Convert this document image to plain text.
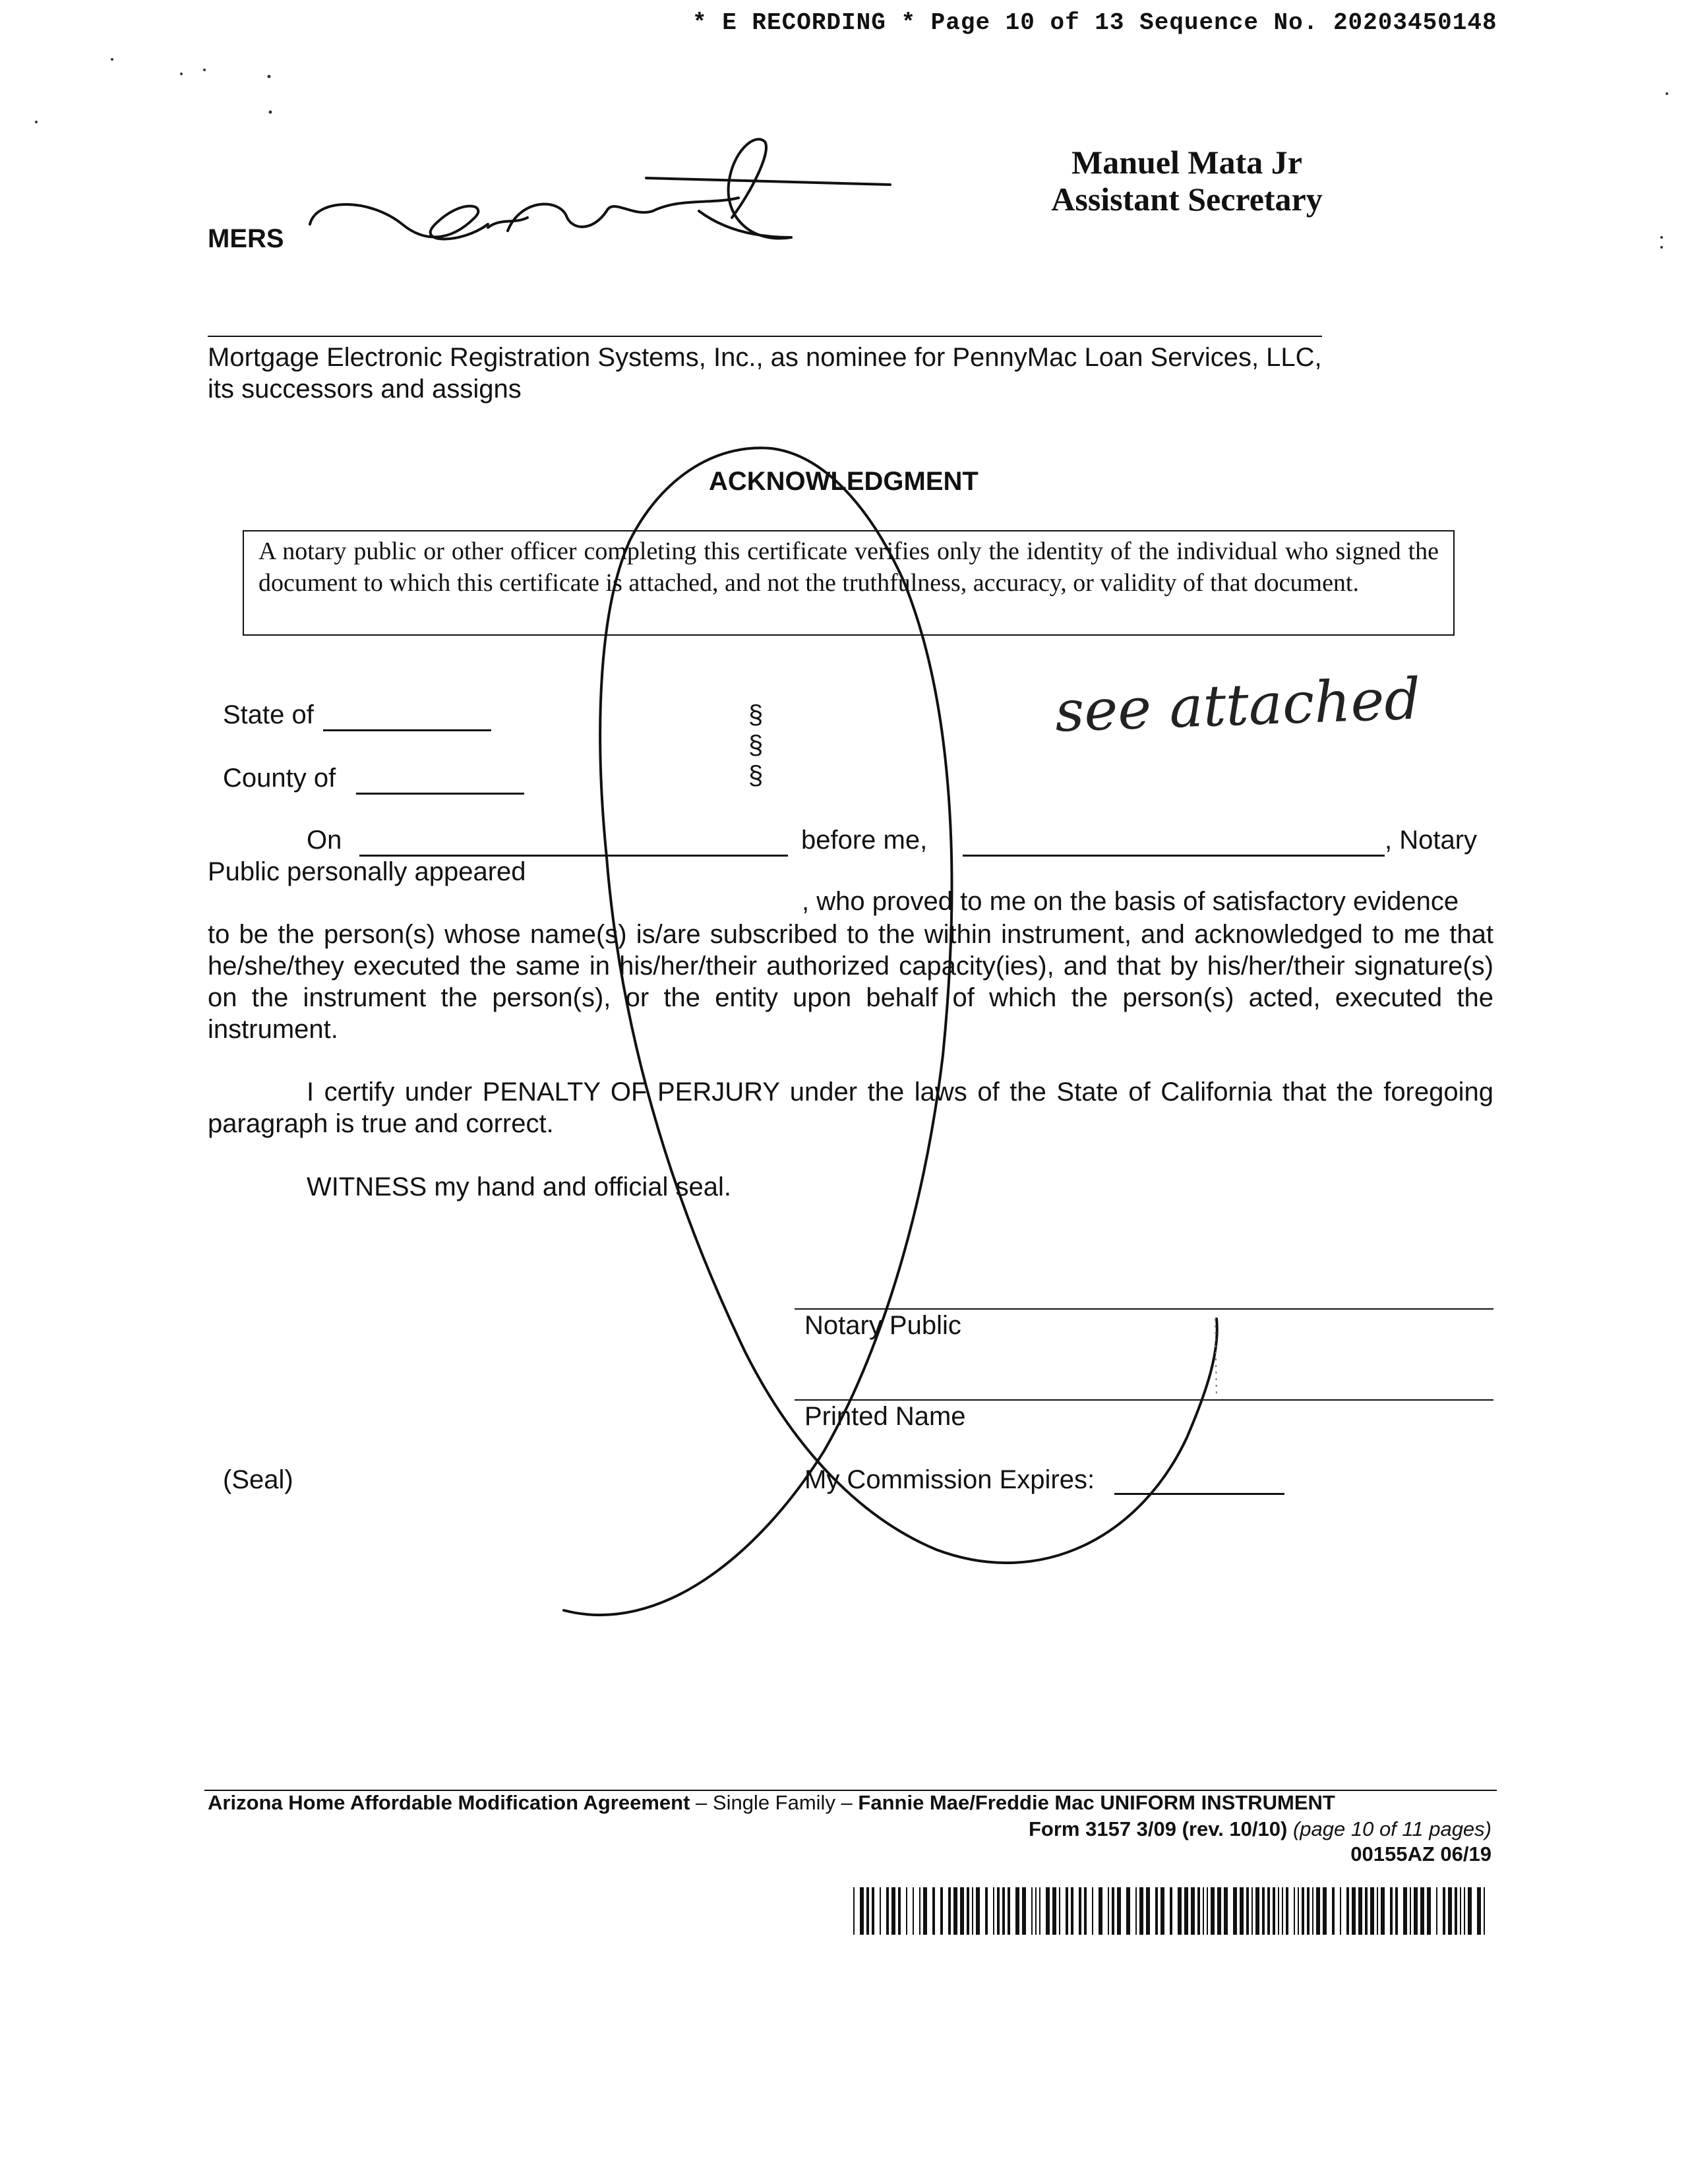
* E RECORDING * Page 10 of 13 Sequence No. 20203450148
Manuel Mata Jr
Assistant Secretary
MERS
Mortgage Electronic Registration Systems, Inc., as nominee for PennyMac Loan Services, LLC, its successors and assigns
ACKNOWLEDGMENT
A notary public or other officer completing this certificate verifies only the identity of the individual who signed the document to which this certificate is attached, and not the truthfulness, accuracy, or validity of that document.
State of
County of
§
§
§
see attached
On	before me,	, Notary
Public personally appeared
, who proved to me on the basis of satisfactory evidence
to be the person(s) whose name(s) is/are subscribed to the within instrument, and acknowledged to me that he/she/they executed the same in his/her/their authorized capacity(ies), and that by his/her/their signature(s) on the instrument the person(s), or the entity upon behalf of which the person(s) acted, executed the instrument.
I certify under PENALTY OF PERJURY under the laws of the State of California that the foregoing paragraph is true and correct.
WITNESS my hand and official seal.
Notary Public
Printed Name
(Seal)	My Commission Expires:
Arizona Home Affordable Modification Agreement – Single Family – Fannie Mae/Freddie Mac UNIFORM INSTRUMENT
Form 3157 3/09 (rev. 10/10) (page 10 of 11 pages)
00155AZ 06/19
